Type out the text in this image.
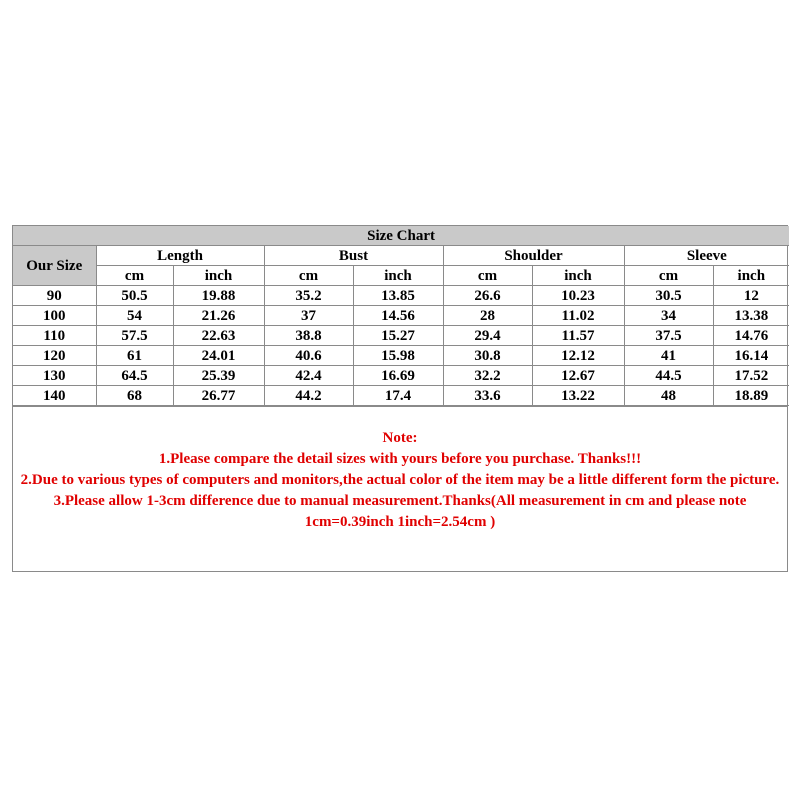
Size Chart								
Our Size	Length		Bust		Shoulder		Sleeve	
	cm	inch	cm	inch	cm	inch	cm	inch
90	50.5	19.88	35.2	13.85	26.6	10.23	30.5	12
100	54	21.26	37	14.56	28	11.02	34	13.38
110	57.5	22.63	38.8	15.27	29.4	11.57	37.5	14.76
120	61	24.01	40.6	15.98	30.8	12.12	41	16.14
130	64.5	25.39	42.4	16.69	32.2	12.67	44.5	17.52
140	68	26.77	44.2	17.4	33.6	13.22	48	18.89
Note:
1.Please compare the detail sizes with yours before you purchase. Thanks!!!
2.Due to various types of computers and monitors,the actual color of the item may be a little different form the picture.
3.Please allow 1-3cm difference due to manual measurement.Thanks(All measurement in cm and please note 1cm=0.39inch 1inch=2.54cm )
